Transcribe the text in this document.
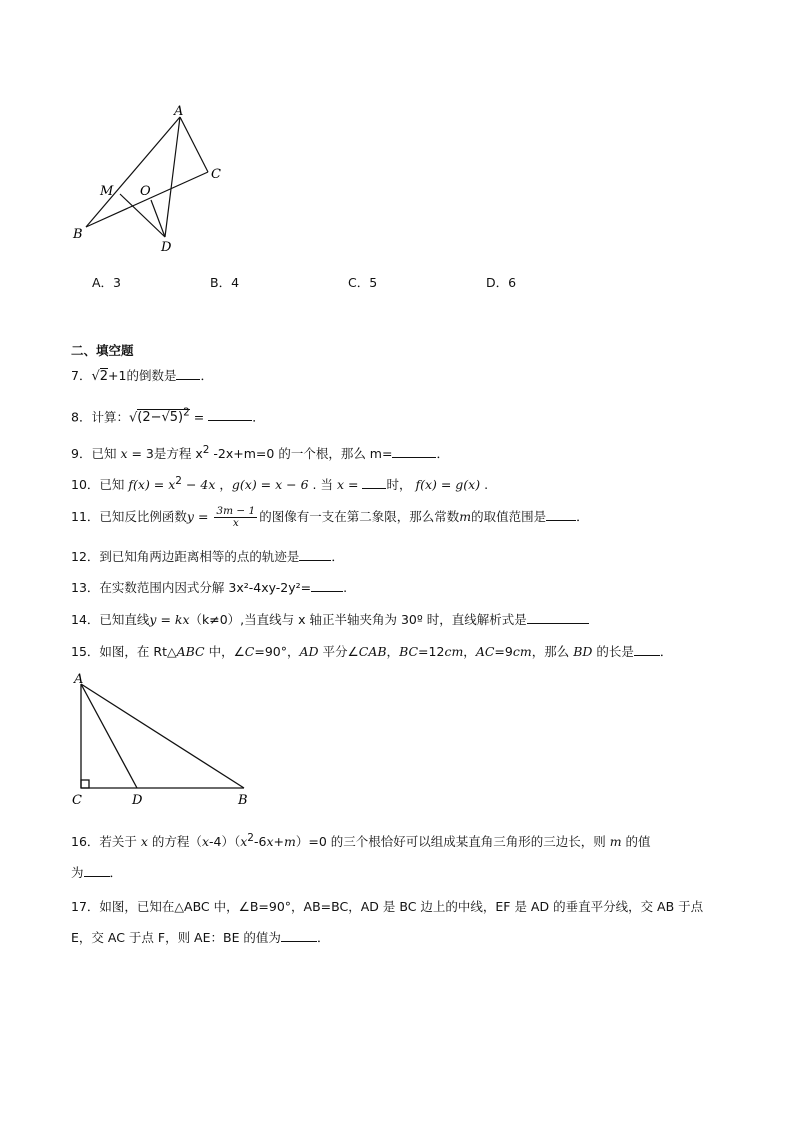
A
C
M O
B
D
A．3	B．4	C．5	D．6
二、填空题
7．√2+1的倒数是 ．
8．计算：$√(2-√5)^2$ =	．
9．已知 x = 3是方程 $x^2$ -2x+m=0 的一个根，那么 m=	．
10．已知 $f(x) = x^2 - 4x$ ，g(x) = x − 6 . 当 x = 时， f(x) = g(x) .
11．已知反比例函数$y = \frac{3m - 1}{x}$ 的图像有一支在第二象限，那么常数m的取值范围是 ．
12．到已知角两边距离相等的点的轨迹是	．
13．在实数范围内因式分解 3x²-4xy-2y²=	.
14．已知直线y = kx（k≠0）,当直线与 x 轴正半轴夹角为 30º 时，直线解析式是
15．如图，在 Rt△ABC 中，∠C=90°，AD 平分∠CAB，BC=12cm，AC=9cm，那么 BD 的长是 ．
A
C	D	B
16．若关于 x 的方程$(x-4)(x^2-6x+m)=0$ 的三个根恰好可以组成某直角三角形的三边长，则 m 的值
为 ．
17．如图，已知在△ABC 中，∠B=90°，AB=BC，AD 是 BC 边上的中线，EF 是 AD 的垂直平分线，交 AB 于点
E，交 AC 于点 F，则 AE：BE 的值为	．
